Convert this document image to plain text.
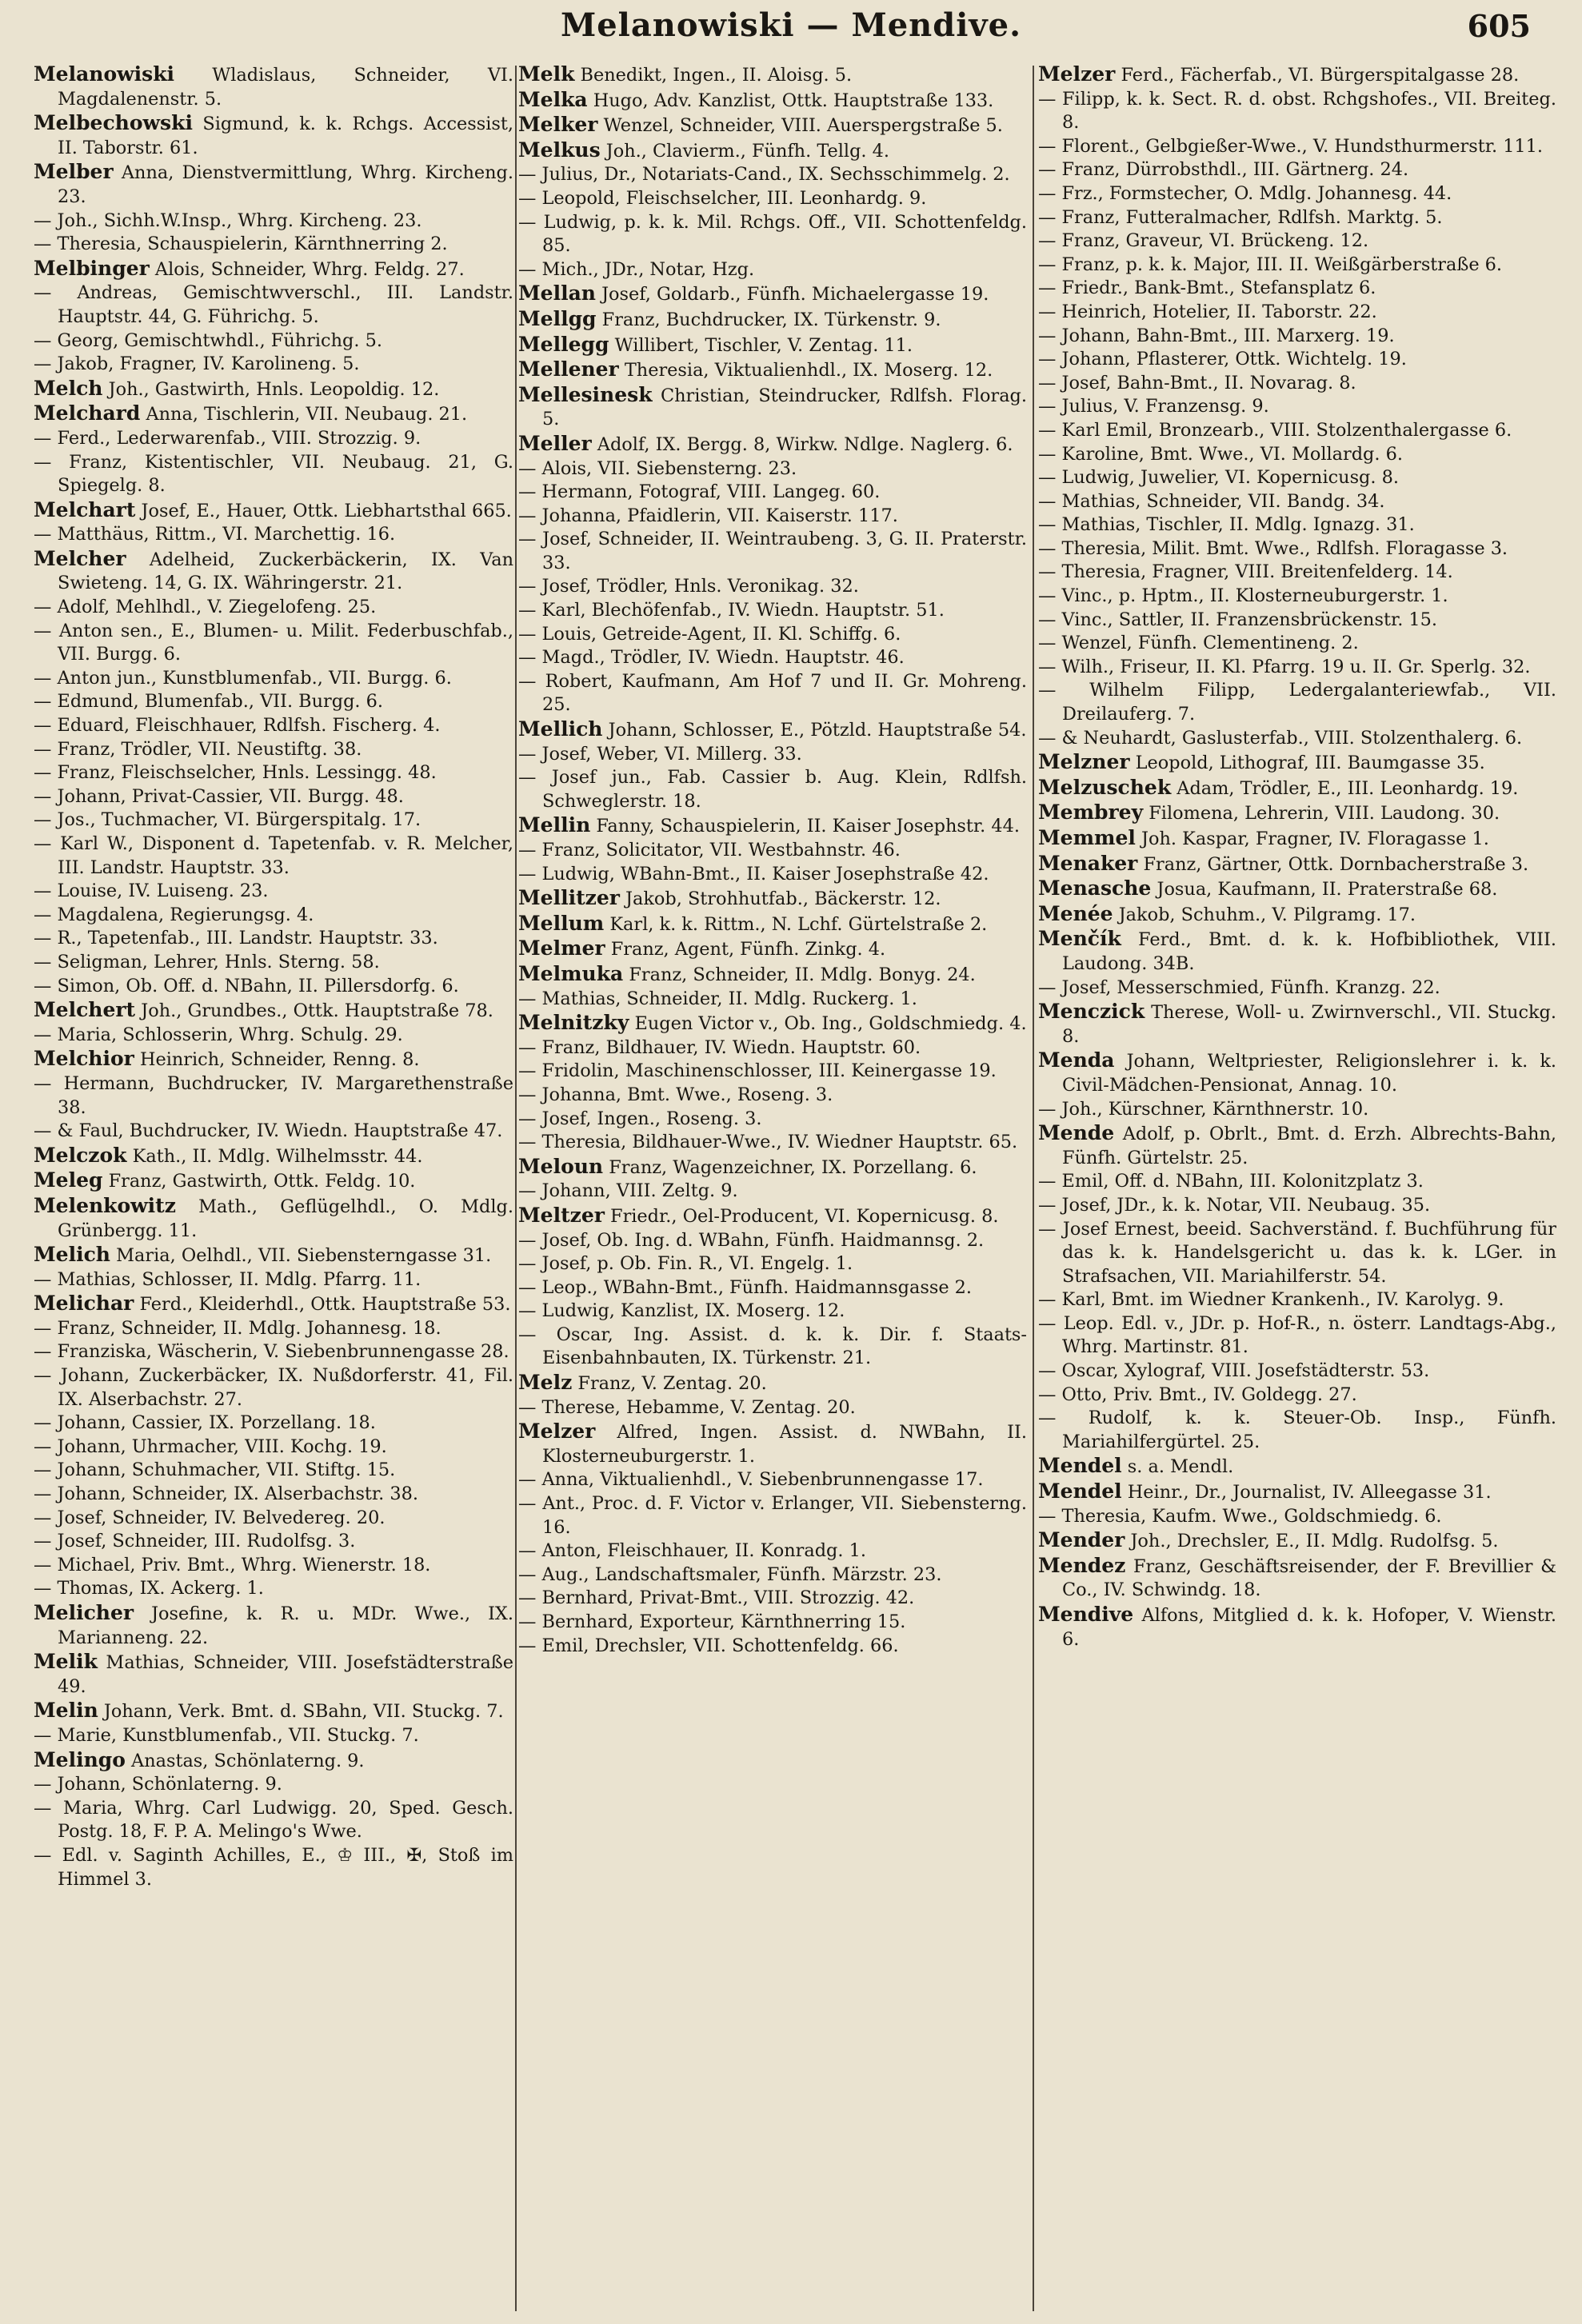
Melanowiski — Mendive.	605

Melanowiski Wladislaus, Schneider, VI. Magdalenenstr. 5.

Melbechowski Sigmund, k. k. Rchgs. Accessist, II. Taborstr. 61.

Melber Anna, Dienstvermittlung, Whrg. Kircheng. 23.

— Joh., Sichh.W.Insp., Whrg. Kircheng. 23.

— Theresia, Schauspielerin, Kärnthnerring 2.

Melbinger Alois, Schneider, Whrg. Feldg. 27.

— Andreas, Gemischtwverschl., III. Landstr. Hauptstr. 44, G. Führichg. 5.

— Georg, Gemischtwhdl., Führichg. 5.

— Jakob, Fragner, IV. Karolineng. 5.

Melch Joh., Gastwirth, Hnls. Leopoldig. 12.

Melchard Anna, Tischlerin, VII. Neubaug. 21.

— Ferd., Lederwarenfab., VIII. Strozzig. 9.

— Franz, Kistentischler, VII. Neubaug. 21, G. Spiegelg. 8.

Melchart Josef, E., Hauer, Ottk. Liebhartsthal 665.

— Matthäus, Rittm., VI. Marchettig. 16.

Melcher Adelheid, Zuckerbäckerin, IX. Van Swieteng. 14, G. IX. Währingerstr. 21.

— Adolf, Mehlhdl., V. Ziegelofeng. 25.

— Anton sen., E., Blumen- u. Milit. Federbuschfab., VII. Burgg. 6.

— Anton jun., Kunstblumenfab., VII. Burgg. 6.

— Edmund, Blumenfab., VII. Burgg. 6.

— Eduard, Fleischhauer, Rdlfsh. Fischerg. 4.

— Franz, Trödler, VII. Neustiftg. 38.

— Franz, Fleischselcher, Hnls. Lessingg. 48.

— Johann, Privat-Cassier, VII. Burgg. 48.

— Jos., Tuchmacher, VI. Bürgerspitalg. 17.

— Karl W., Disponent d. Tapetenfab. v. R. Melcher, III. Landstr. Hauptstr. 33.

— Louise, IV. Luiseng. 23.

— Magdalena, Regierungsg. 4.

— R., Tapetenfab., III. Landstr. Hauptstr. 33.

— Seligman, Lehrer, Hnls. Sterng. 58.

— Simon, Ob. Off. d. NBahn, II. Pillersdorfg. 6.

Melchert Joh., Grundbes., Ottk. Hauptstraße 78.

— Maria, Schlosserin, Whrg. Schulg. 29.

Melchior Heinrich, Schneider, Renng. 8.

— Hermann, Buchdrucker, IV. Margarethenstraße 38.

— & Faul, Buchdrucker, IV. Wiedn. Hauptstraße 47.

Melczok Kath., II. Mdlg. Wilhelmsstr. 44.

Meleg Franz, Gastwirth, Ottk. Feldg. 10.

Melenkowitz Math., Geflügelhdl., O. Mdlg. Grünbergg. 11.

Melich Maria, Oelhdl., VII. Siebensterngasse 31.

— Mathias, Schlosser, II. Mdlg. Pfarrg. 11.

Melichar Ferd., Kleiderhdl., Ottk. Hauptstraße 53.

— Franz, Schneider, II. Mdlg. Johannesg. 18.

— Franziska, Wäscherin, V. Siebenbrunnengasse 28.

— Johann, Zuckerbäcker, IX. Nußdorferstr. 41, Fil. IX. Alserbachstr. 27.

— Johann, Cassier, IX. Porzellang. 18.

— Johann, Uhrmacher, VIII. Kochg. 19.

— Johann, Schuhmacher, VII. Stiftg. 15.

— Johann, Schneider, IX. Alserbachstr. 38.

— Josef, Schneider, IV. Belvedereg. 20.

— Josef, Schneider, III. Rudolfsg. 3.

— Michael, Priv. Bmt., Whrg. Wienerstr. 18.

— Thomas, IX. Ackerg. 1.

Melicher Josefine, k. R. u. MDr. Wwe., IX. Marianneng. 22.

Melik Mathias, Schneider, VIII. Josefstädterstraße 49.

Melin Johann, Verk. Bmt. d. SBahn, VII. Stuckg. 7.

— Marie, Kunstblumenfab., VII. Stuckg. 7.

Melingo Anastas, Schönlaterng. 9.

— Johann, Schönlaterng. 9.

— Maria, Whrg. Carl Ludwigg. 20, Sped. Gesch. Postg. 18, F. P. A. Melingo's Wwe.

— Edl. v. Saginth Achilles, E., ♔ III., ✠, Stoß im Himmel 3.

Melk Benedikt, Ingen., II. Aloisg. 5.

Melka Hugo, Adv. Kanzlist, Ottk. Hauptstraße 133.

Melker Wenzel, Schneider, VIII. Auerspergstraße 5.

Melkus Joh., Clavierm., Fünfh. Tellg. 4.

— Julius, Dr., Notariats-Cand., IX. Sechsschimmelg. 2.

— Leopold, Fleischselcher, III. Leonhardg. 9.

— Ludwig, p. k. k. Mil. Rchgs. Off., VII. Schottenfeldg. 85.

— Mich., JDr., Notar, Hzg.

Mellan Josef, Goldarb., Fünfh. Michaelergasse 19.

Mellgg Franz, Buchdrucker, IX. Türkenstr. 9.

Mellegg Willibert, Tischler, V. Zentag. 11.

Mellener Theresia, Viktualienhdl., IX. Moserg. 12.

Mellesinesk Christian, Steindrucker, Rdlfsh. Florag. 5.

Meller Adolf, IX. Bergg. 8, Wirkw. Ndlge. Naglerg. 6.

— Alois, VII. Siebensterng. 23.

— Hermann, Fotograf, VIII. Langeg. 60.

— Johanna, Pfaidlerin, VII. Kaiserstr. 117.

— Josef, Schneider, II. Weintraubeng. 3, G. II. Praterstr. 33.

— Josef, Trödler, Hnls. Veronikag. 32.

— Karl, Blechöfenfab., IV. Wiedn. Hauptstr. 51.

— Louis, Getreide-Agent, II. Kl. Schiffg. 6.

— Magd., Trödler, IV. Wiedn. Hauptstr. 46.

— Robert, Kaufmann, Am Hof 7 und II. Gr. Mohreng. 25.

Mellich Johann, Schlosser, E., Pötzld. Hauptstraße 54.

— Josef, Weber, VI. Millerg. 33.

— Josef jun., Fab. Cassier b. Aug. Klein, Rdlfsh. Schweglerstr. 18.

Mellin Fanny, Schauspielerin, II. Kaiser Josephstr. 44.

— Franz, Solicitator, VII. Westbahnstr. 46.

— Ludwig, WBahn-Bmt., II. Kaiser Josephstraße 42.

Mellitzer Jakob, Strohhutfab., Bäckerstr. 12.

Mellum Karl, k. k. Rittm., N. Lchf. Gürtelstraße 2.

Melmer Franz, Agent, Fünfh. Zinkg. 4.

Melmuka Franz, Schneider, II. Mdlg. Bonyg. 24.

— Mathias, Schneider, II. Mdlg. Ruckerg. 1.

Melnitzky Eugen Victor v., Ob. Ing., Goldschmiedg. 4.

— Franz, Bildhauer, IV. Wiedn. Hauptstr. 60.

— Fridolin, Maschinenschlosser, III. Keinergasse 19.

— Johanna, Bmt. Wwe., Roseng. 3.

— Josef, Ingen., Roseng. 3.

— Theresia, Bildhauer-Wwe., IV. Wiedner Hauptstr. 65.

Meloun Franz, Wagenzeichner, IX. Porzellang. 6.

— Johann, VIII. Zeltg. 9.

Meltzer Friedr., Oel-Producent, VI. Kopernicusg. 8.

— Josef, Ob. Ing. d. WBahn, Fünfh. Haidmannsg. 2.

— Josef, p. Ob. Fin. R., VI. Engelg. 1.

— Leop., WBahn-Bmt., Fünfh. Haidmannsgasse 2.

— Ludwig, Kanzlist, IX. Moserg. 12.

— Oscar, Ing. Assist. d. k. k. Dir. f. Staats-Eisenbahnbauten, IX. Türkenstr. 21.

Melz Franz, V. Zentag. 20.

— Therese, Hebamme, V. Zentag. 20.

Melzer Alfred, Ingen. Assist. d. NWBahn, II. Klosterneuburgerstr. 1.

— Anna, Viktualienhdl., V. Siebenbrunnengasse 17.

— Ant., Proc. d. F. Victor v. Erlanger, VII. Siebensterng. 16.

— Anton, Fleischhauer, II. Konradg. 1.

— Aug., Landschaftsmaler, Fünfh. Märzstr. 23.

— Bernhard, Privat-Bmt., VIII. Strozzig. 42.

— Bernhard, Exporteur, Kärnthnerring 15.

— Emil, Drechsler, VII. Schottenfeldg. 66.

Melzer Ferd., Fächerfab., VI. Bürgerspitalgasse 28.

— Filipp, k. k. Sect. R. d. obst. Rchgshofes., VII. Breiteg. 8.

— Florent., Gelbgießer-Wwe., V. Hundsthurmerstr. 111.

— Franz, Dürrobsthdl., III. Gärtnerg. 24.

— Frz., Formstecher, O. Mdlg. Johannesg. 44.

— Franz, Futteralmacher, Rdlfsh. Marktg. 5.

— Franz, Graveur, VI. Brückeng. 12.

— Franz, p. k. k. Major, III. II. Weißgärberstraße 6.

— Friedr., Bank-Bmt., Stefansplatz 6.

— Heinrich, Hotelier, II. Taborstr. 22.

— Johann, Bahn-Bmt., III. Marxerg. 19.

— Johann, Pflasterer, Ottk. Wichtelg. 19.

— Josef, Bahn-Bmt., II. Novarag. 8.

— Julius, V. Franzensg. 9.

— Karl Emil, Bronzearb., VIII. Stolzenthalergasse 6.

— Karoline, Bmt. Wwe., VI. Mollardg. 6.

— Ludwig, Juwelier, VI. Kopernicusg. 8.

— Mathias, Schneider, VII. Bandg. 34.

— Mathias, Tischler, II. Mdlg. Ignazg. 31.

— Theresia, Milit. Bmt. Wwe., Rdlfsh. Floragasse 3.

— Theresia, Fragner, VIII. Breitenfelderg. 14.

— Vinc., p. Hptm., II. Klosterneuburgerstr. 1.

— Vinc., Sattler, II. Franzensbrückenstr. 15.

— Wenzel, Fünfh. Clementineng. 2.

— Wilh., Friseur, II. Kl. Pfarrg. 19 u. II. Gr. Sperlg. 32.

— Wilhelm Filipp, Ledergalanteriewfab., VII. Dreilauferg. 7.

— & Neuhardt, Gaslusterfab., VIII. Stolzenthalerg. 6.

Melzner Leopold, Lithograf, III. Baumgasse 35.

Melzuschek Adam, Trödler, E., III. Leonhardg. 19.

Membrey Filomena, Lehrerin, VIII. Laudong. 30.

Memmel Joh. Kaspar, Fragner, IV. Floragasse 1.

Menaker Franz, Gärtner, Ottk. Dornbacherstraße 3.

Menasche Josua, Kaufmann, II. Praterstraße 68.

Menée Jakob, Schuhm., V. Pilgramg. 17.

Menčík Ferd., Bmt. d. k. k. Hofbibliothek, VIII. Laudong. 34B.

— Josef, Messerschmied, Fünfh. Kranzg. 22.

Menczick Therese, Woll- u. Zwirnverschl., VII. Stuckg. 8.

Menda Johann, Weltpriester, Religionslehrer i. k. k. Civil-Mädchen-Pensionat, Annag. 10.

— Joh., Kürschner, Kärnthnerstr. 10.

Mende Adolf, p. Obrlt., Bmt. d. Erzh. Albrechts-Bahn, Fünfh. Gürtelstr. 25.

— Emil, Off. d. NBahn, III. Kolonitzplatz 3.

— Josef, JDr., k. k. Notar, VII. Neubaug. 35.

— Josef Ernest, beeid. Sachverständ. f. Buchführung für das k. k. Handelsgericht u. das k. k. LGer. in Strafsachen, VII. Mariahilferstr. 54.

— Karl, Bmt. im Wiedner Krankenh., IV. Karolyg. 9.

— Leop. Edl. v., JDr. p. Hof-R., n. österr. Landtags-Abg., Whrg. Martinstr. 81.

— Oscar, Xylograf, VIII. Josefstädterstr. 53.

— Otto, Priv. Bmt., IV. Goldegg. 27.

— Rudolf, k. k. Steuer-Ob. Insp., Fünfh. Mariahilfergürtel. 25.

Mendel s. a. Mendl.

Mendel Heinr., Dr., Journalist, IV. Alleegasse 31.

— Theresia, Kaufm. Wwe., Goldschmiedg. 6.

Mender Joh., Drechsler, E., II. Mdlg. Rudolfsg. 5.

Mendez Franz, Geschäftsreisender, der F. Brevillier & Co., IV. Schwindg. 18.

Mendive Alfons, Mitglied d. k. k. Hofoper, V. Wienstr. 6.
